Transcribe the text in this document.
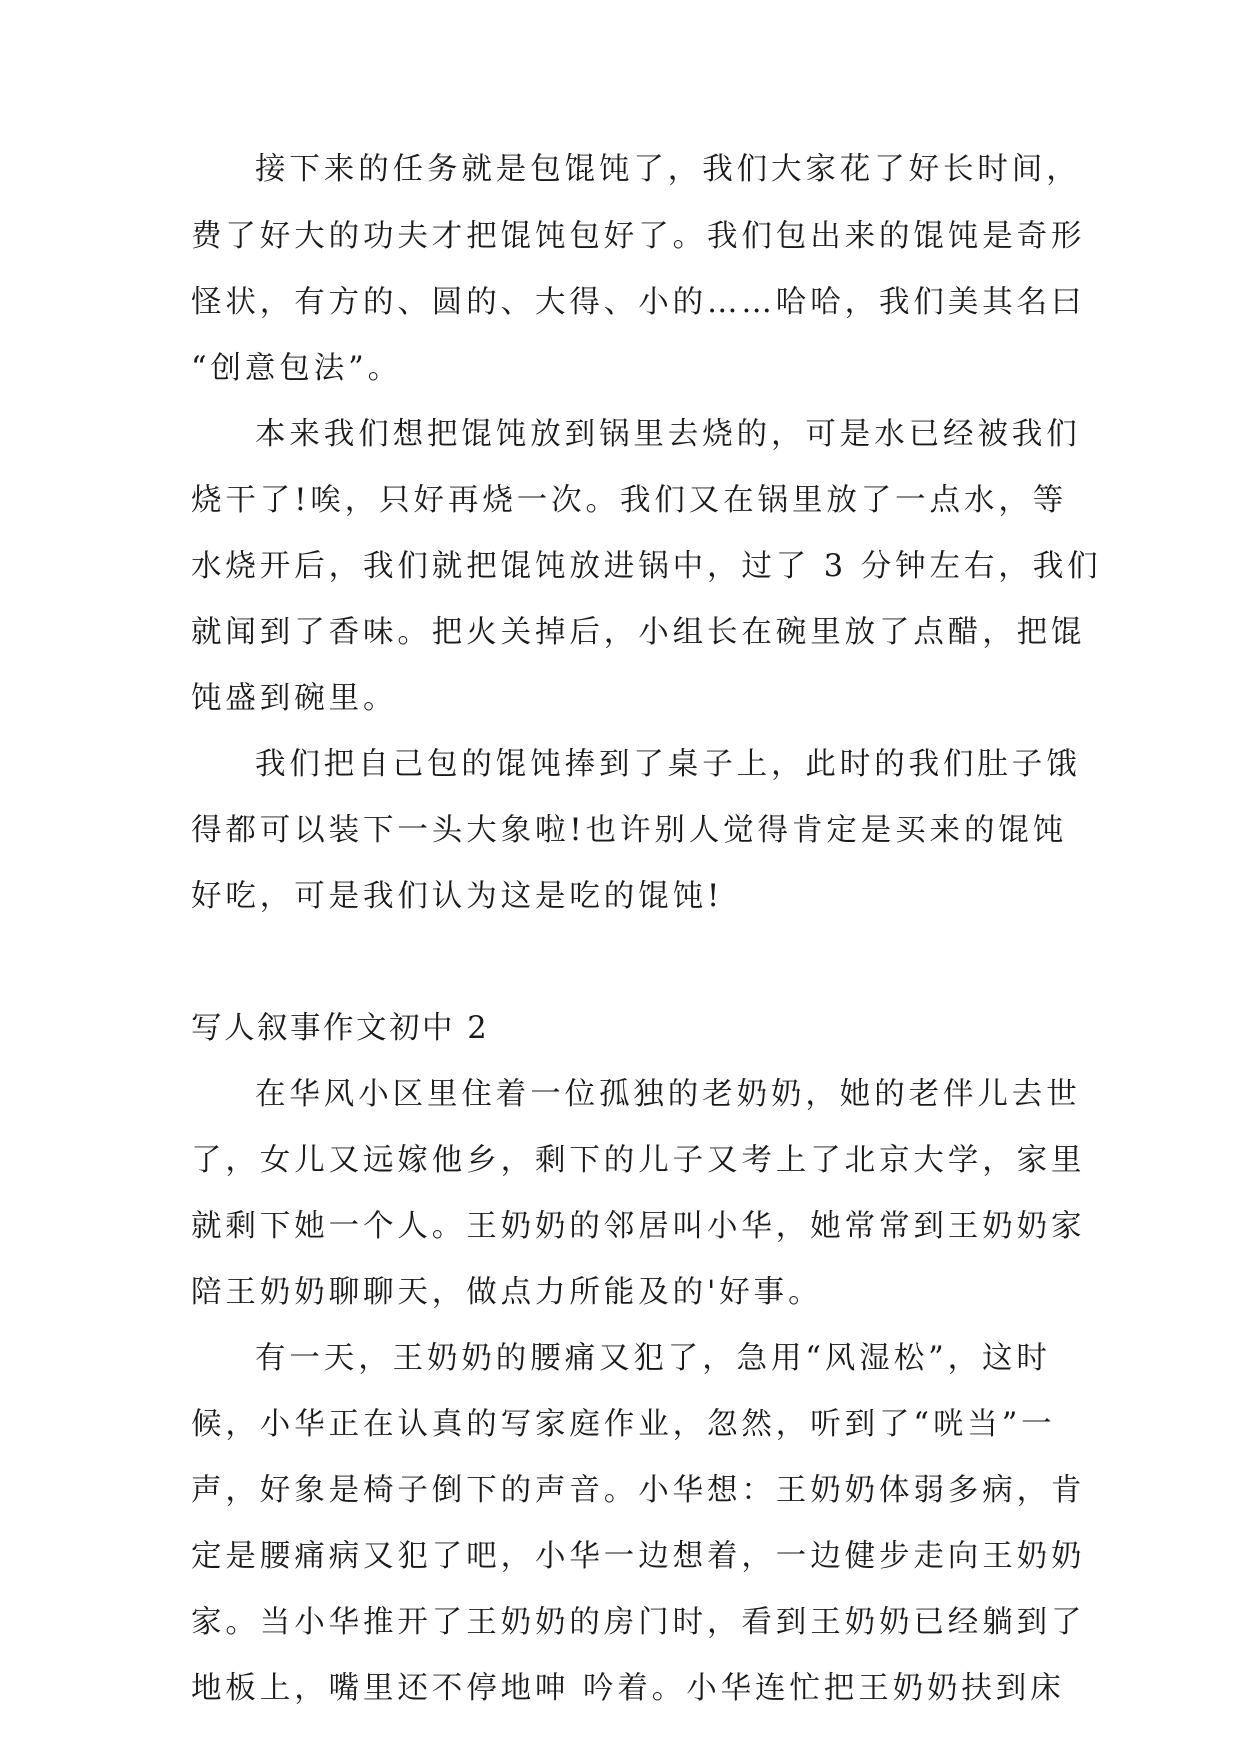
接下来的任务就是包馄饨了，我们大家花了好长时间，
费了好大的功夫才把馄饨包好了。我们包出来的馄饨是奇形
怪状，有方的、圆的、大得、小的……哈哈，我们美其名曰
“创意包法”。
本来我们想把馄饨放到锅里去烧的，可是水已经被我们
烧干了!唉，只好再烧一次。我们又在锅里放了一点水，等
水烧开后，我们就把馄饨放进锅中，过了 3 分钟左右，我们
就闻到了香味。把火关掉后，小组长在碗里放了点醋，把馄
饨盛到碗里。
我们把自己包的馄饨捧到了桌子上，此时的我们肚子饿
得都可以装下一头大象啦!也许别人觉得肯定是买来的馄饨
好吃，可是我们认为这是吃的馄饨!
写人叙事作文初中 2
在华风小区里住着一位孤独的老奶奶，她的老伴儿去世
了，女儿又远嫁他乡，剩下的儿子又考上了北京大学，家里
就剩下她一个人。王奶奶的邻居叫小华，她常常到王奶奶家
陪王奶奶聊聊天，做点力所能及的'好事。
有一天，王奶奶的腰痛又犯了，急用“风湿松”，这时
候，小华正在认真的写家庭作业，忽然，听到了“咣当”一
声，好象是椅子倒下的声音。小华想：王奶奶体弱多病，肯
定是腰痛病又犯了吧，小华一边想着，一边健步走向王奶奶
家。当小华推开了王奶奶的房门时，看到王奶奶已经躺到了
地板上，嘴里还不停地呻 吟着。小华连忙把王奶奶扶到床
